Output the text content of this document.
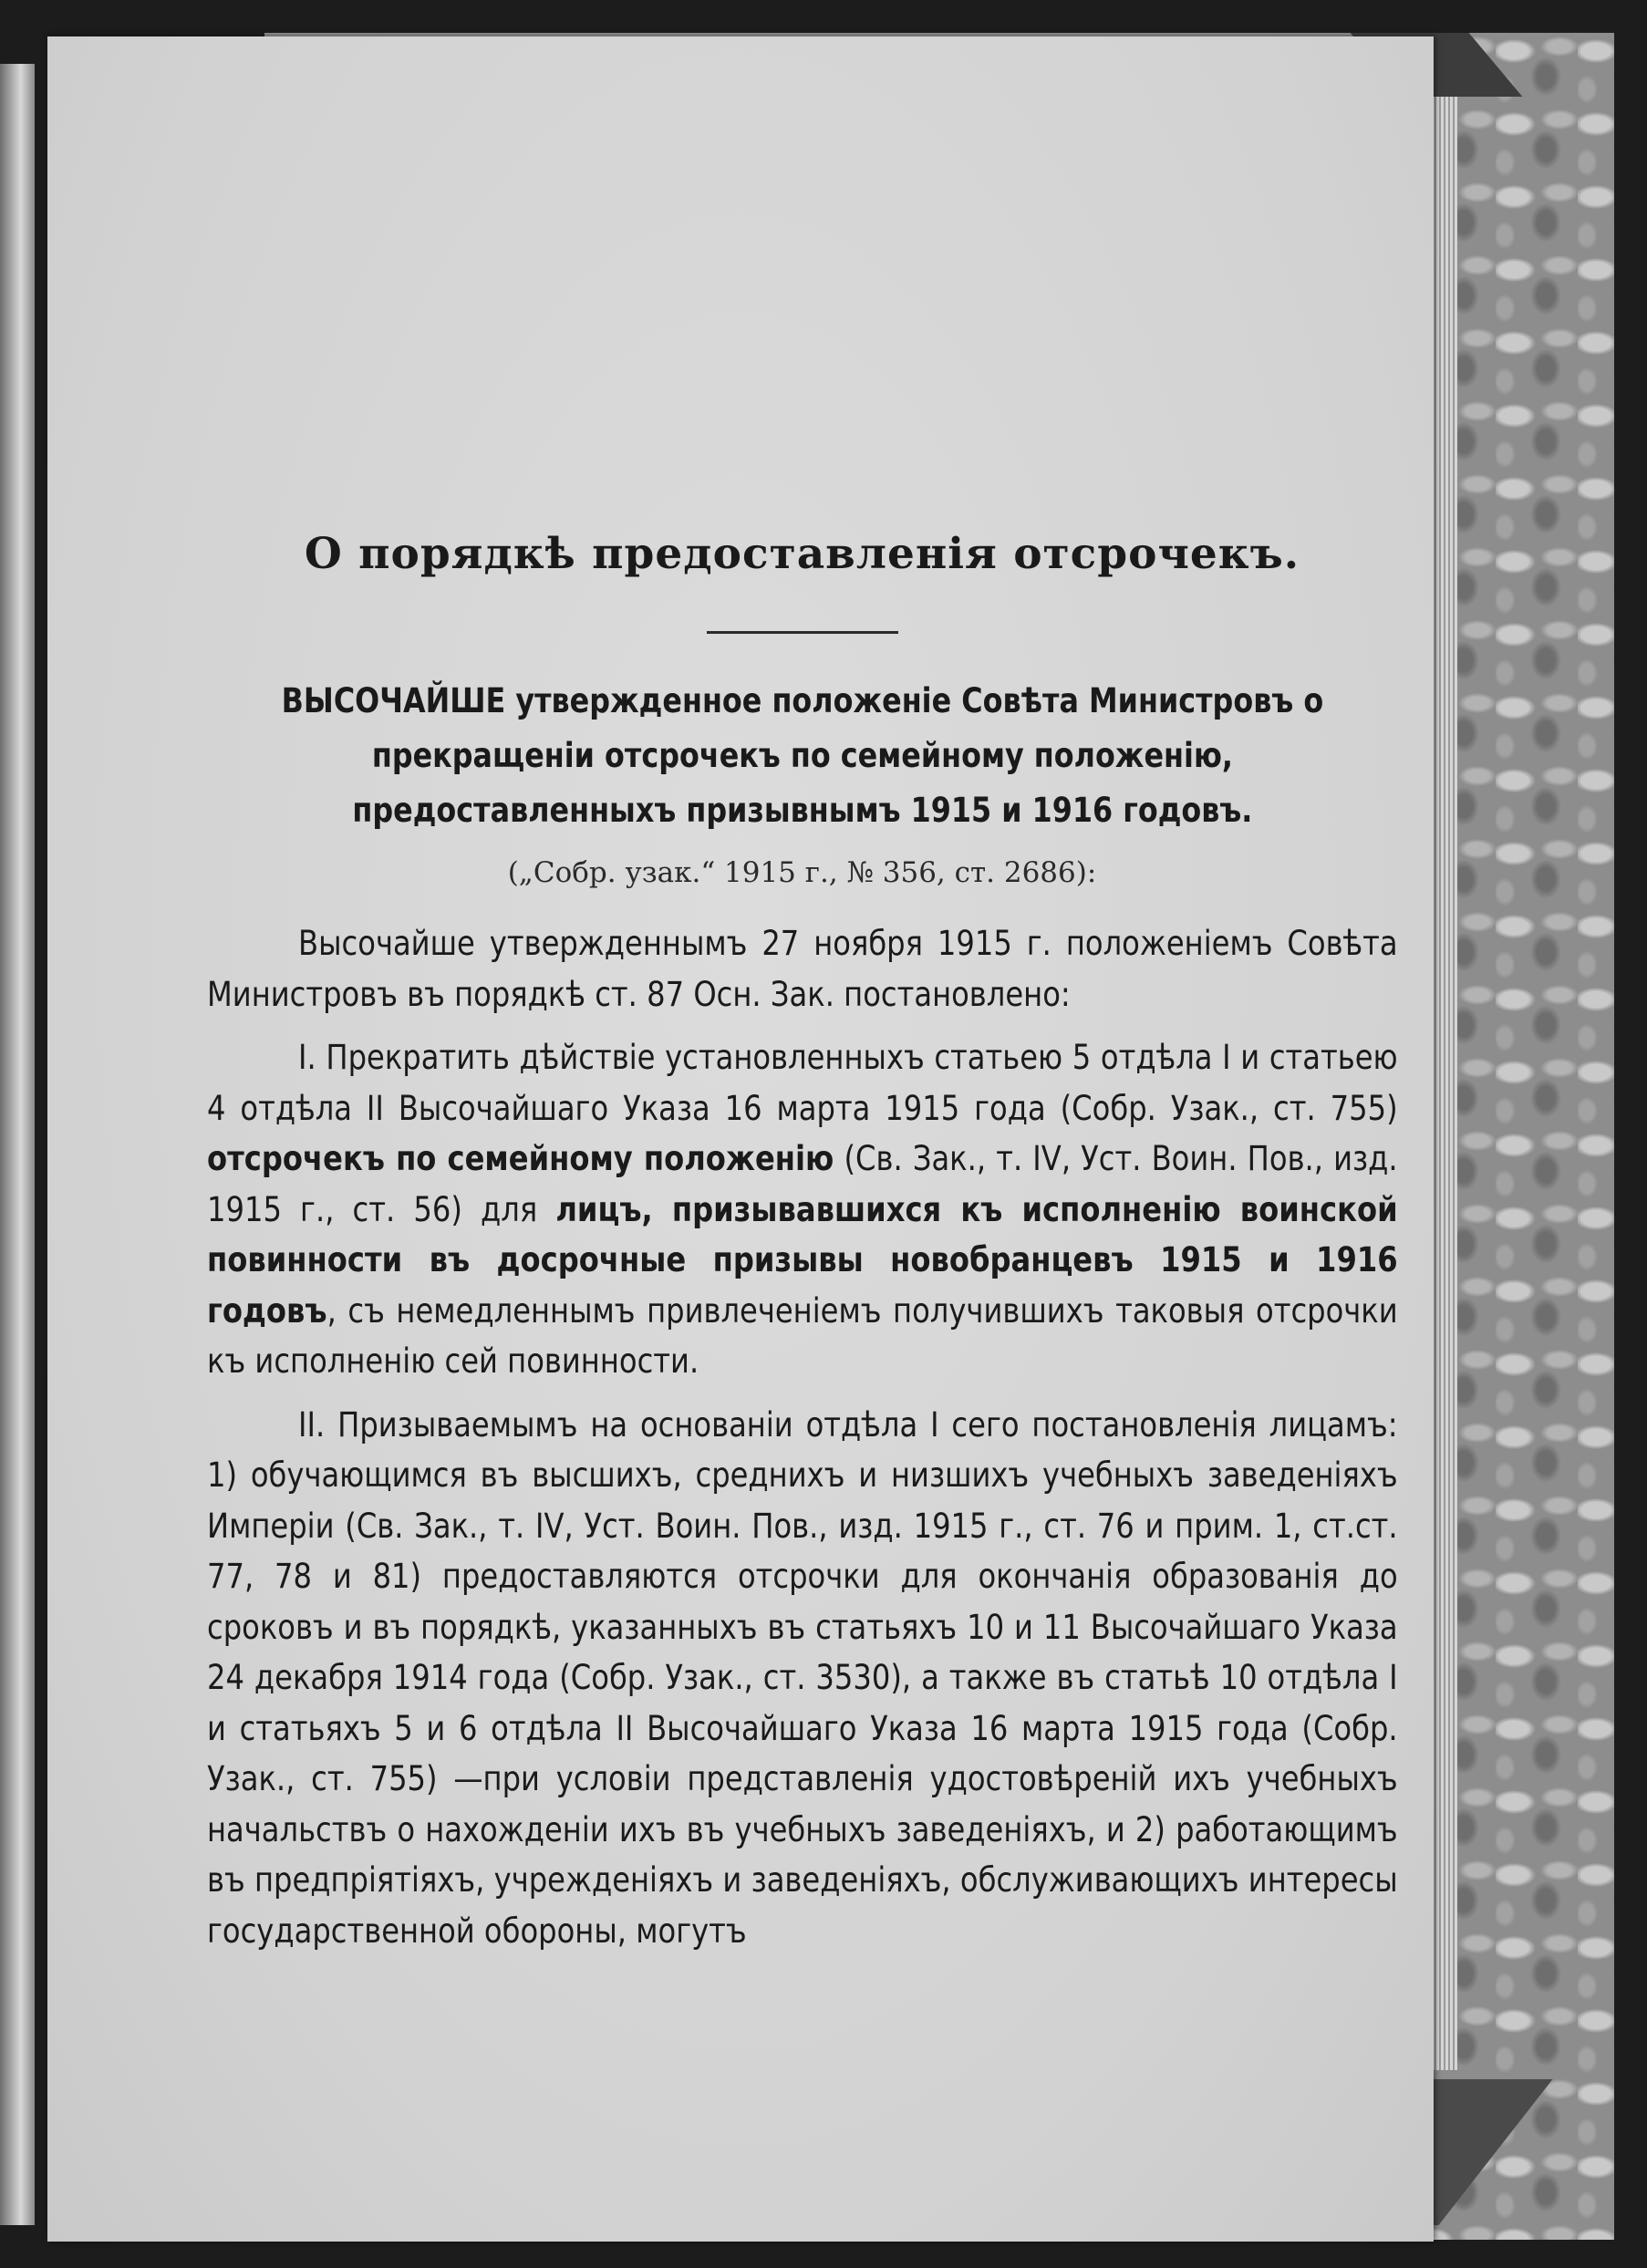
О порядкѣ предоставленія отсрочекъ.

ВЫСОЧАЙШЕ утвержденное положеніе Совѣта Министровъ о прекращеніи отсрочекъ по семейному положенію, предоставленныхъ призывнымъ 1915 и 1916 годовъ.

(„Собр. узак.“ 1915 г., № 356, ст. 2686):

Высочайше утвержденнымъ 27 ноября 1915 г. положеніемъ Совѣта Министровъ въ порядкѣ ст. 87 Осн. Зак. постановлено:

I. Прекратить дѣйствіе установленныхъ статьею 5 отдѣла I и статьею 4 отдѣла II Высочайшаго Указа 16 марта 1915 года (Собр. Узак., ст. 755) отсрочекъ по семейному положенію (Св. Зак., т. IV, Уст. Воин. Пов., изд. 1915 г., ст. 56) для лицъ, призывавшихся къ исполненію воинской повинности въ досрочные призывы новобранцевъ 1915 и 1916 годовъ, съ немедленнымъ привлеченіемъ получившихъ таковыя отсрочки къ исполненію сей повинности.

II. Призываемымъ на основаніи отдѣла I сего постановленія лицамъ: 1) обучающимся въ высшихъ, среднихъ и низшихъ учебныхъ заведеніяхъ Имперіи (Св. Зак., т. IV, Уст. Воин. Пов., изд. 1915 г., ст. 76 и прим. 1, ст.ст. 77, 78 и 81) предоставляются отсрочки для окончанія образованія до сроковъ и въ порядкѣ, указанныхъ въ статьяхъ 10 и 11 Высочайшаго Указа 24 декабря 1914 года (Собр. Узак., ст. 3530), а также въ статьѣ 10 отдѣла I и статьяхъ 5 и 6 отдѣла II Высочайшаго Указа 16 марта 1915 года (Собр. Узак., ст. 755) —при условіи представленія удостовѣреній ихъ учебныхъ начальствъ о нахожденіи ихъ въ учебныхъ заведеніяхъ, и 2) работающимъ въ предпріятіяхъ, учрежденіяхъ и заведеніяхъ, обслуживающихъ интересы государственной обороны, могутъ
